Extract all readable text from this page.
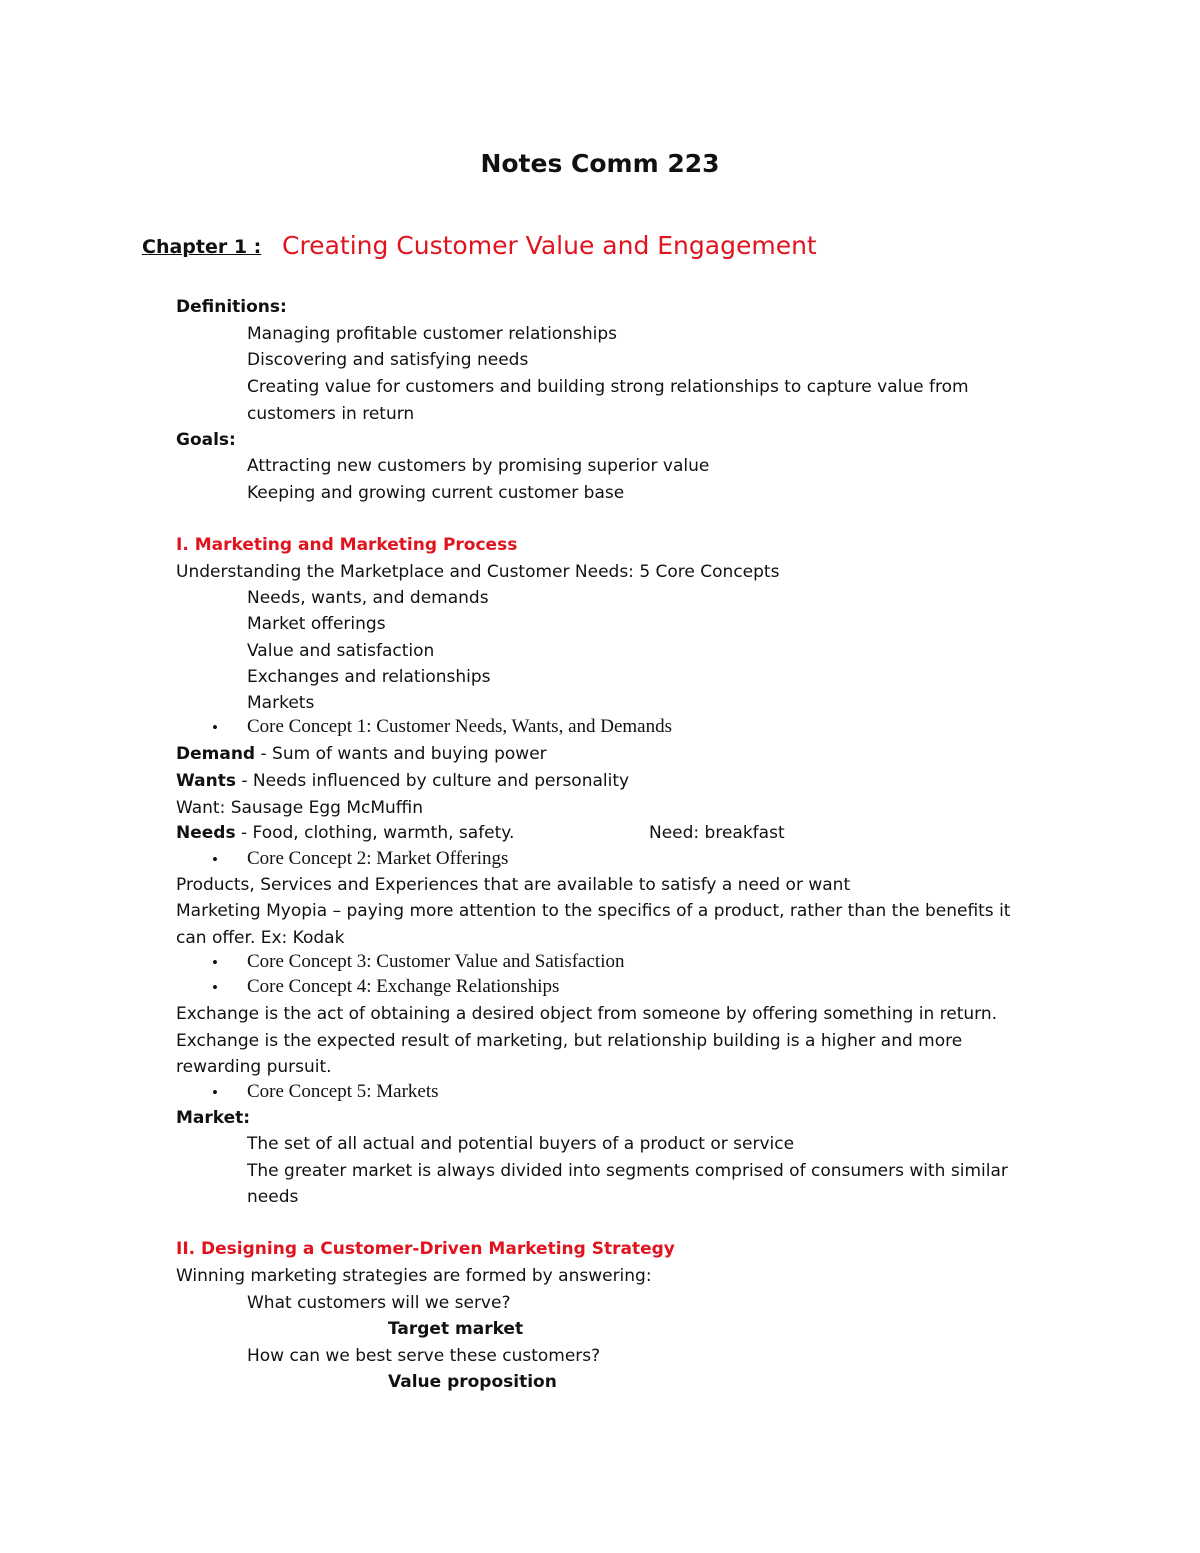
Notes Comm 223
Chapter 1 : Creating Customer Value and Engagement
Definitions:
Managing profitable customer relationships
Discovering and satisfying needs
Creating value for customers and building strong relationships to capture value from
customers in return
Goals:
Attracting new customers by promising superior value
Keeping and growing current customer base
I. Marketing and Marketing Process
Understanding the Marketplace and Customer Needs: 5 Core Concepts
Needs, wants, and demands
Market offerings
Value and satisfaction
Exchanges and relationships
Markets
• Core Concept 1: Customer Needs, Wants, and Demands
Demand - Sum of wants and buying power
Wants - Needs influenced by culture and personality
Want: Sausage Egg McMuffin
Needs - Food, clothing, warmth, safety.	Need: breakfast
• Core Concept 2: Market Offerings
Products, Services and Experiences that are available to satisfy a need or want
Marketing Myopia – paying more attention to the specifics of a product, rather than the benefits it
can offer. Ex: Kodak
• Core Concept 3: Customer Value and Satisfaction
• Core Concept 4: Exchange Relationships
Exchange is the act of obtaining a desired object from someone by offering something in return.
Exchange is the expected result of marketing, but relationship building is a higher and more
rewarding pursuit.
• Core Concept 5: Markets
Market:
The set of all actual and potential buyers of a product or service
The greater market is always divided into segments comprised of consumers with similar
needs
II. Designing a Customer-Driven Marketing Strategy
Winning marketing strategies are formed by answering:
What customers will we serve?
Target market
How can we best serve these customers?
Value proposition
